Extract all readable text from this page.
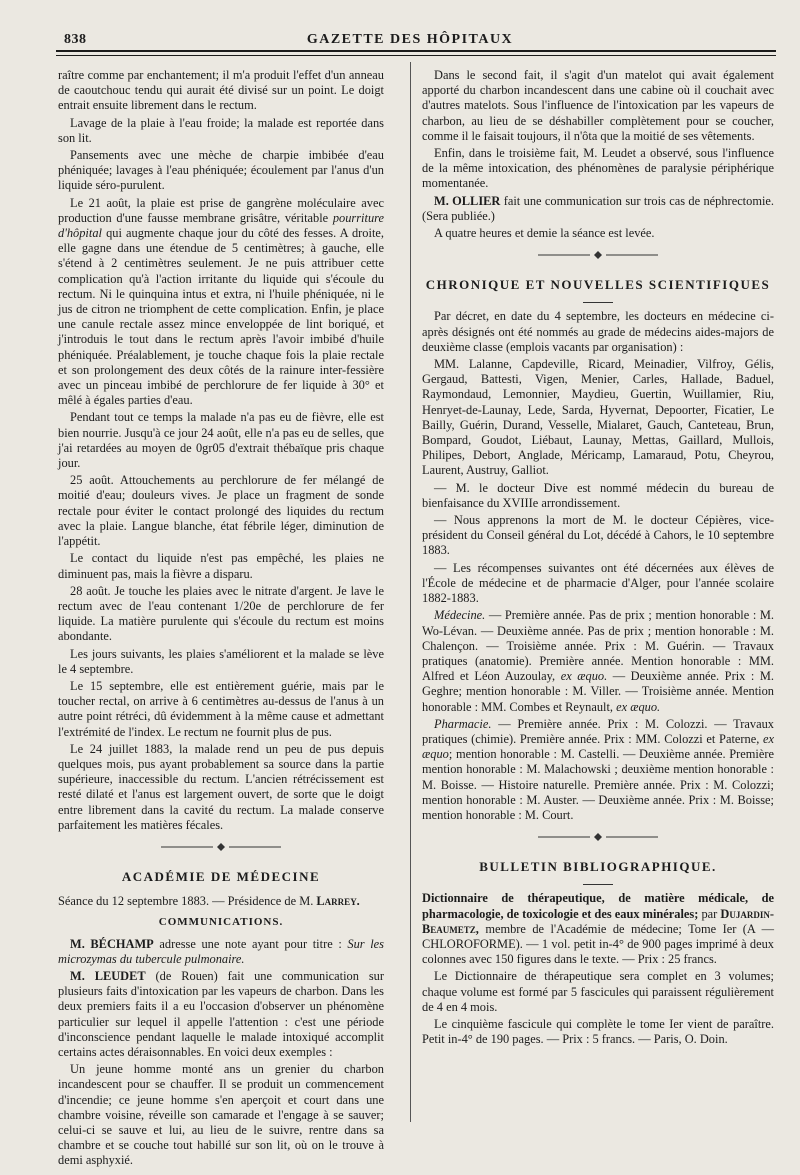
838	GAZETTE DES HÔPITAUX

raître comme par enchantement; il m'a produit l'effet d'un anneau de caoutchouc tendu qui aurait été divisé sur un point. Le doigt entrait ensuite librement dans le rectum.

Lavage de la plaie à l'eau froide; la malade est reportée dans son lit.

Pansements avec une mèche de charpie imbibée d'eau phéniquée; lavages à l'eau phéniquée; écoulement par l'anus d'un liquide séro-purulent.

Le 21 août, la plaie est prise de gangrène moléculaire avec production d'une fausse membrane grisâtre, véritable pourriture d'hôpital qui augmente chaque jour du côté des fesses. A droite, elle gagne dans une étendue de 5 centimètres; à gauche, elle s'étend à 2 centimètres seulement. Je ne puis attribuer cette complication qu'à l'action irritante du liquide qui s'écoule du rectum. Ni le quinquina intus et extra, ni l'huile phéniquée, ni le jus de citron ne triomphent de cette complication. Enfin, je place une canule rectale assez mince enveloppée de lint boriqué, et j'introduis le tout dans le rectum après l'avoir imbibé d'huile phéniquée. Préalablement, je touche chaque fois la plaie rectale et son prolongement des deux côtés de la rainure inter-fessière avec un pinceau imbibé de perchlorure de fer liquide à 30° et mêlé à égales parties d'eau.

Pendant tout ce temps la malade n'a pas eu de fièvre, elle est bien nourrie. Jusqu'à ce jour 24 août, elle n'a pas eu de selles, que j'ai retardées au moyen de 0gr05 d'extrait thébaïque pris chaque jour.

25 août. Attouchements au perchlorure de fer mélangé de moitié d'eau; douleurs vives. Je place un fragment de sonde rectale pour éviter le contact prolongé des liquides du rectum avec la plaie. Langue blanche, état fébrile léger, diminution de l'appétit.

Le contact du liquide n'est pas empêché, les plaies ne diminuent pas, mais la fièvre a disparu.

28 août. Je touche les plaies avec le nitrate d'argent. Je lave le rectum avec de l'eau contenant 1/20e de perchlorure de fer liquide. La matière purulente qui s'écoule du rectum est moins abondante.

Les jours suivants, les plaies s'améliorent et la malade se lève le 4 septembre.

Le 15 septembre, elle est entièrement guérie, mais par le toucher rectal, on arrive à 6 centimètres au-dessus de l'anus à un autre point rétréci, dû évidemment à la même cause et admettant l'extrémité de l'index. Le rectum ne fournit plus de pus.

Le 24 juillet 1883, la malade rend un peu de pus depuis quelques mois, pus ayant probablement sa source dans la partie supérieure, inaccessible du rectum. L'ancien rétrécissement est resté dilaté et l'anus est largement ouvert, de sorte que le doigt entre librement dans la cavité du rectum. La malade conserve parfaitement les matières fécales.

ACADÉMIE DE MÉDECINE

Séance du 12 septembre 1883. — Présidence de M. Larrey.

COMMUNICATIONS.

M. BÉCHAMP adresse une note ayant pour titre : Sur les microzymas du tubercule pulmonaire.

M. LEUDET (de Rouen) fait une communication sur plusieurs faits d'intoxication par les vapeurs de charbon. Dans les deux premiers faits il a eu l'occasion d'observer un phénomène particulier sur lequel il appelle l'attention : c'est une période d'inconscience pendant laquelle le malade intoxiqué accomplit certains actes déraisonnables. En voici deux exemples :

Un jeune homme monté ans un grenier du charbon incandescent pour se chauffer. Il se produit un commencement d'incendie; ce jeune homme s'en aperçoit et court dans une chambre voisine, réveille son camarade et l'engage à se sauver; celui-ci se sauve et lui, au lieu de le suivre, rentre dans sa chambre et se couche tout habillé sur son lit, où on le trouve à demi asphyxié.

Dans le second fait, il s'agit d'un matelot qui avait également apporté du charbon incandescent dans une cabine où il couchait avec d'autres matelots. Sous l'influence de l'intoxication par les vapeurs de charbon, au lieu de se déshabiller complètement pour se coucher, comme il le faisait toujours, il n'ôta que la moitié de ses vêtements.

Enfin, dans le troisième fait, M. Leudet a observé, sous l'influence de la même intoxication, des phénomènes de paralysie périphérique momentanée.

M. OLLIER fait une communication sur trois cas de néphrectomie. (Sera publiée.)

A quatre heures et demie la séance est levée.

CHRONIQUE ET NOUVELLES SCIENTIFIQUES

Par décret, en date du 4 septembre, les docteurs en médecine ci-après désignés ont été nommés au grade de médecins aides-majors de deuxième classe (emplois vacants par organisation) :

MM. Lalanne, Capdeville, Ricard, Meinadier, Vilfroy, Gélis, Gergaud, Battesti, Vigen, Menier, Carles, Hallade, Baduel, Raymondaud, Lemonnier, Maydieu, Guertin, Wuillamier, Riu, Henryet-de-Launay, Lede, Sarda, Hyvernat, Depoorter, Ficatier, Le Bailly, Guérin, Durand, Vesselle, Mialaret, Gauch, Canteteau, Brun, Bompard, Goudot, Liébaut, Launay, Mettas, Gaillard, Mullois, Philipes, Debort, Anglade, Méricamp, Lamaraud, Potu, Cheyrou, Laurent, Austruy, Galliot.

— M. le docteur Dive est nommé médecin du bureau de bienfaisance du XVIIIe arrondissement.

— Nous apprenons la mort de M. le docteur Cépières, vice-président du Conseil général du Lot, décédé à Cahors, le 10 septembre 1883.

— Les récompenses suivantes ont été décernées aux élèves de l'École de médecine et de pharmacie d'Alger, pour l'année scolaire 1882-1883.

Médecine. — Première année. Pas de prix ; mention honorable : M. Wo-Lévan. — Deuxième année. Pas de prix ; mention honorable : M. Chalençon. — Troisième année. Prix : M. Guérin. — Travaux pratiques (anatomie). Première année. Mention honorable : MM. Alfred et Léon Auzoulay, ex æquo. — Deuxième année. Prix : M. Geghre; mention honorable : M. Viller. — Troisième année. Mention honorable : MM. Combes et Reynault, ex æquo.

Pharmacie. — Première année. Prix : M. Colozzi. — Travaux pratiques (chimie). Première année. Prix : MM. Colozzi et Paterne, ex æquo; mention honorable : M. Castelli. — Deuxième année. Première mention honorable : M. Malachowski ; deuxième mention honorable : M. Boisse. — Histoire naturelle. Première année. Prix : M. Colozzi; mention honorable : M. Auster. — Deuxième année. Prix : M. Boisse; mention honorable : M. Court.

BULLETIN BIBLIOGRAPHIQUE.

Dictionnaire de thérapeutique, de matière médicale, de pharmacologie, de toxicologie et des eaux minérales; par Dujardin-Beaumetz, membre de l'Académie de médecine; Tome Ier (A — CHLOROFORME). — 1 vol. petit in-4° de 900 pages imprimé à deux colonnes avec 150 figures dans le texte. — Prix : 25 francs.

Le Dictionnaire de thérapeutique sera complet en 3 volumes; chaque volume est formé par 5 fascicules qui paraissent régulièrement de 4 en 4 mois.

Le cinquième fascicule qui complète le tome Ier vient de paraître. Petit in-4° de 190 pages. — Prix : 5 francs. — Paris, O. Doin.
